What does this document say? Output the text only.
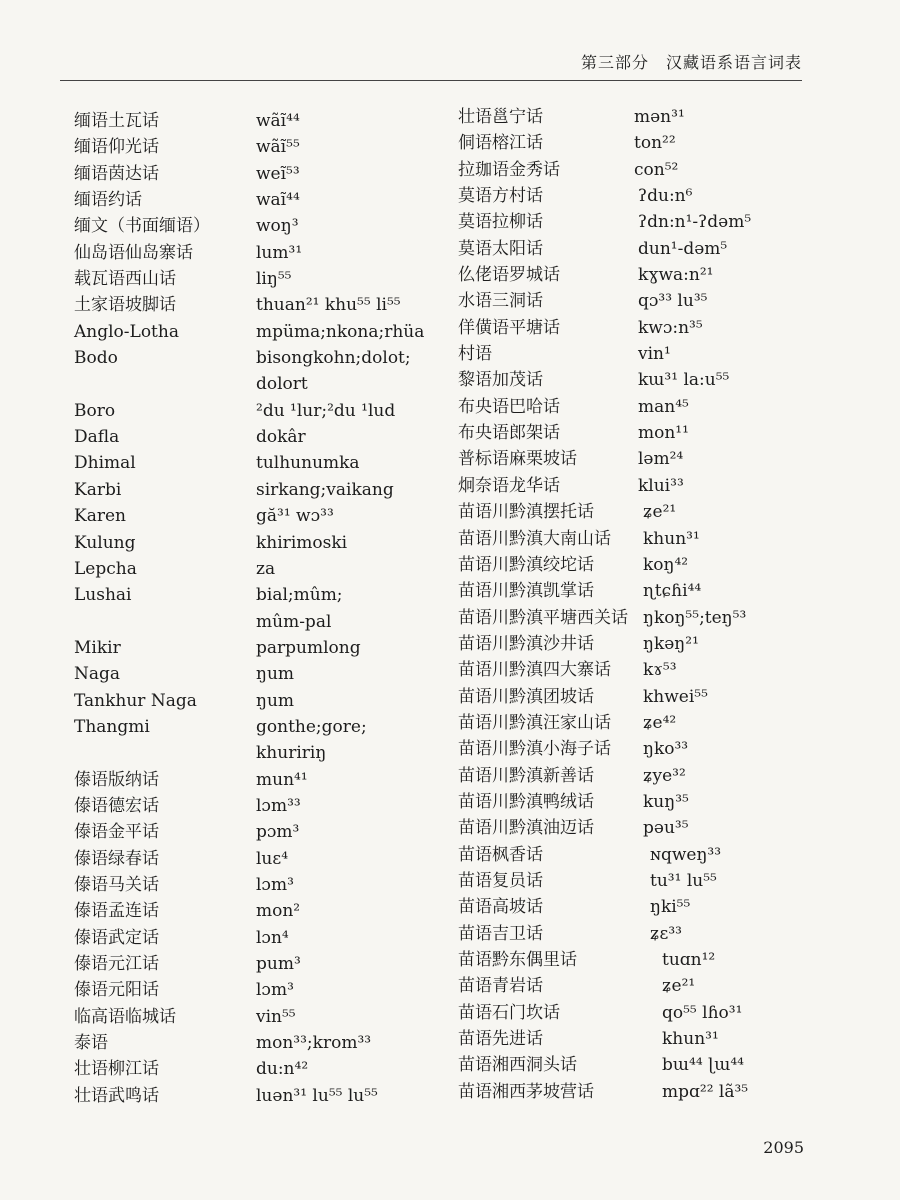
第三部分　汉藏语系语言词表
缅语土瓦话	wãĩ⁴⁴
缅语仰光话	wãĩ⁵⁵
缅语茵达话	weĩ⁵³
缅语约话	waĩ⁴⁴
缅文（书面缅语）	woŋ³
仙岛语仙岛寨话	lum³¹
载瓦语西山话	liŋ⁵⁵
土家语坡脚话	thuan²¹ khu⁵⁵ li⁵⁵
Anglo-Lotha	mpüma;nkona;rhüa
Bodo	bisongkohn;dolot;
dolort
Boro	²du ¹lur;²du ¹lud
Dafla	dokâr
Dhimal	tulhunumka
Karbi	sirkang;vaikang
Karen	gă³¹ wɔ³³
Kulung	khirimoski
Lepcha	za
Lushai	bial;mûm;
mûm-pal
Mikir	parpumlong
Naga	ŋum
Tankhur Naga	ŋum
Thangmi	gonthe;gore;
khuririŋ
傣语版纳话	mun⁴¹
傣语德宏话	lɔm³³
傣语金平话	pɔm³
傣语绿春话	luɛ⁴
傣语马关话	lɔm³
傣语孟连话	mon²
傣语武定话	lɔn⁴
傣语元江话	pum³
傣语元阳话	lɔm³
临高语临城话	vin⁵⁵
泰语	mon³³;krom³³
壮语柳江话	du:n⁴²
壮语武鸣话	luən³¹ lu⁵⁵ lu⁵⁵
壮语邕宁话	mən³¹
侗语榕江话	ton²²
拉珈语金秀话	con⁵²
莫语方村话	ʔdu:n⁶
莫语拉柳话	ʔdn:n¹-ʔdəm⁵
莫语太阳话	dun¹-dəm⁵
仫佬语罗城话	kɣwa:n²¹
水语三洞话	qɔ³³ lu³⁵
佯僙语平塘话	kwɔ:n³⁵
村语	vin¹
黎语加茂话	kɯ³¹ la:u⁵⁵
布央语巴哈话	man⁴⁵
布央语郎架话	mon¹¹
普标语麻栗坡话	ləm²⁴
炯奈语龙华话	klui³³
苗语川黔滇摆托话	ʑe²¹
苗语川黔滇大南山话 khun³¹
苗语川黔滇绞坨话	koŋ⁴²
苗语川黔滇凯掌话	ɳtɕɦi⁴⁴
苗语川黔滇平塘西关话 ŋkoŋ⁵⁵;teŋ⁵³
苗语川黔滇沙井话	ŋkəŋ²¹
苗语川黔滇四大寨话 kɤ⁵³
苗语川黔滇团坡话	khwei⁵⁵
苗语川黔滇汪家山话 ʑe⁴²
苗语川黔滇小海子话 ŋko³³
苗语川黔滇新善话	ʑye³²
苗语川黔滇鸭绒话	kuŋ³⁵
苗语川黔滇油迈话	pəu³⁵
苗语枫香话	ɴqweŋ³³
苗语复员话	tu³¹ lu⁵⁵
苗语高坡话	ŋki⁵⁵
苗语吉卫话	ʑɛ³³
苗语黔东偶里话	tuɑn¹²
苗语青岩话	ʑe²¹
苗语石门坎话	qo⁵⁵ lɦo³¹
苗语先进话	khun³¹
苗语湘西洞头话	bɯ⁴⁴ ɭɯ⁴⁴
苗语湘西茅坡营话	mpɑ²² lã³⁵
2095
